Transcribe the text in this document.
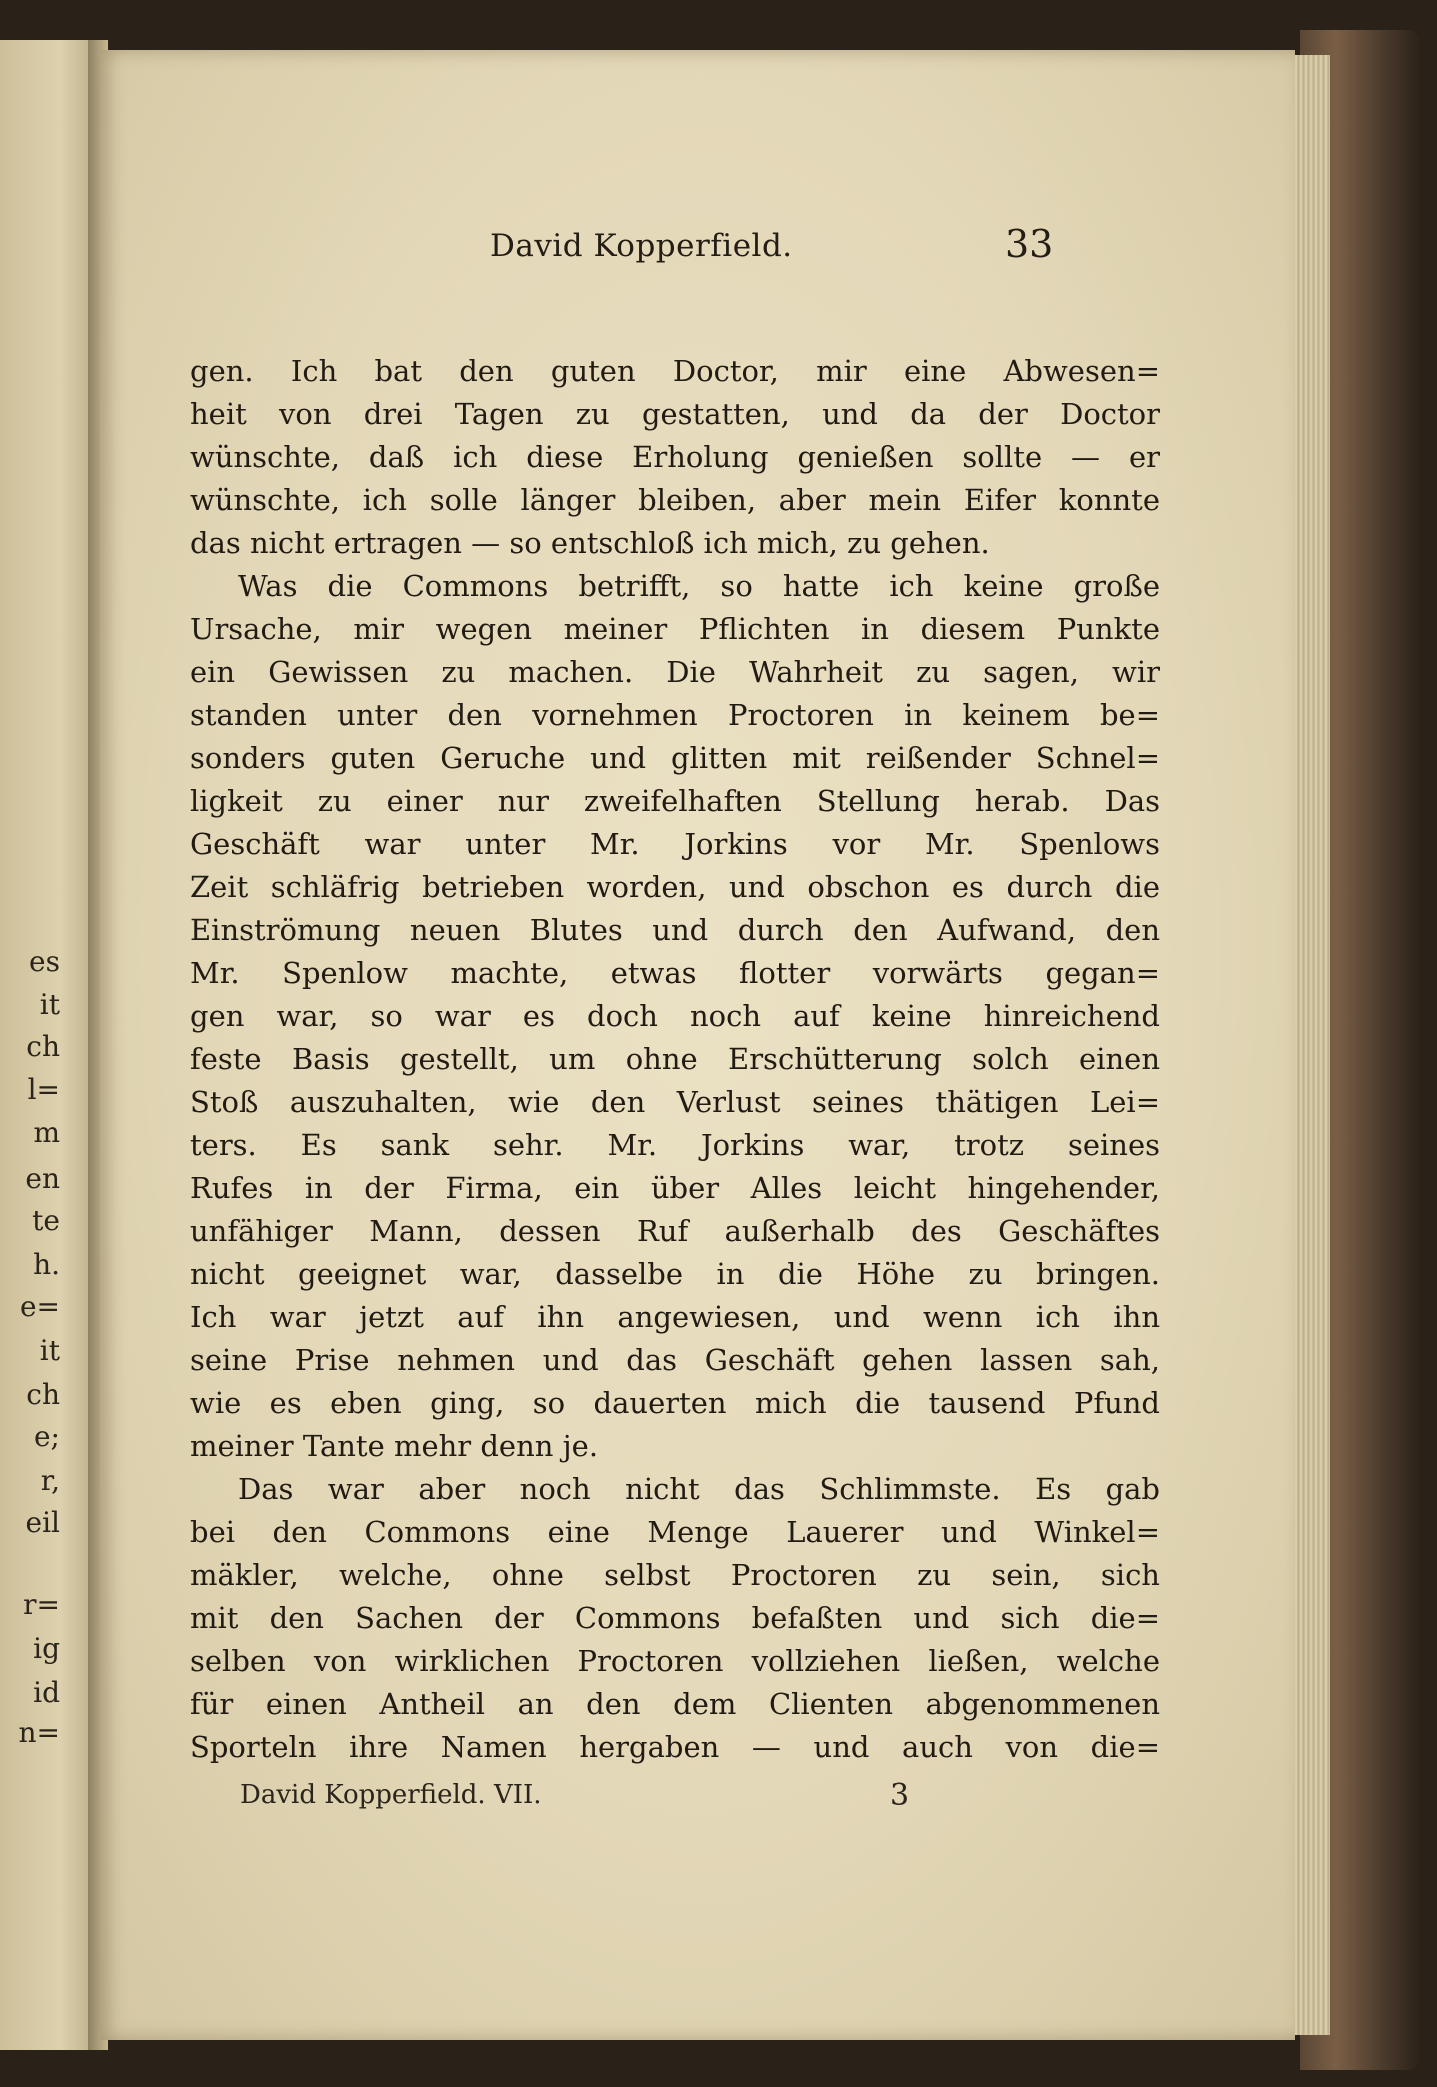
es
it
ch
l=
m
en
te
h.
e=
it
ch
e;
r,
eil
r=
ig
id
n=
David Kopperfield.	33
gen. Ich bat den guten Doctor, mir eine Abwesen=
heit von drei Tagen zu gestatten, und da der Doctor
wünschte, daß ich diese Erholung genießen sollte — er
wünschte, ich solle länger bleiben, aber mein Eifer konnte
das nicht ertragen — so entschloß ich mich, zu gehen.
Was die Commons betrifft, so hatte ich keine große
Ursache, mir wegen meiner Pflichten in diesem Punkte
ein Gewissen zu machen. Die Wahrheit zu sagen, wir
standen unter den vornehmen Proctoren in keinem be=
sonders guten Geruche und glitten mit reißender Schnel=
ligkeit zu einer nur zweifelhaften Stellung herab. Das
Geschäft war unter Mr. Jorkins vor Mr. Spenlows
Zeit schläfrig betrieben worden, und obschon es durch die
Einströmung neuen Blutes und durch den Aufwand, den
Mr. Spenlow machte, etwas flotter vorwärts gegan=
gen war, so war es doch noch auf keine hinreichend
feste Basis gestellt, um ohne Erschütterung solch einen
Stoß auszuhalten, wie den Verlust seines thätigen Lei=
ters. Es sank sehr. Mr. Jorkins war, trotz seines
Rufes in der Firma, ein über Alles leicht hingehender,
unfähiger Mann, dessen Ruf außerhalb des Geschäftes
nicht geeignet war, dasselbe in die Höhe zu bringen.
Ich war jetzt auf ihn angewiesen, und wenn ich ihn
seine Prise nehmen und das Geschäft gehen lassen sah,
wie es eben ging, so dauerten mich die tausend Pfund
meiner Tante mehr denn je.
Das war aber noch nicht das Schlimmste. Es gab
bei den Commons eine Menge Lauerer und Winkel=
mäkler, welche, ohne selbst Proctoren zu sein, sich
mit den Sachen der Commons befaßten und sich die=
selben von wirklichen Proctoren vollziehen ließen, welche
für einen Antheil an den dem Clienten abgenommenen
Sporteln ihre Namen hergaben — und auch von die=
David Kopperfield. VII.	3
